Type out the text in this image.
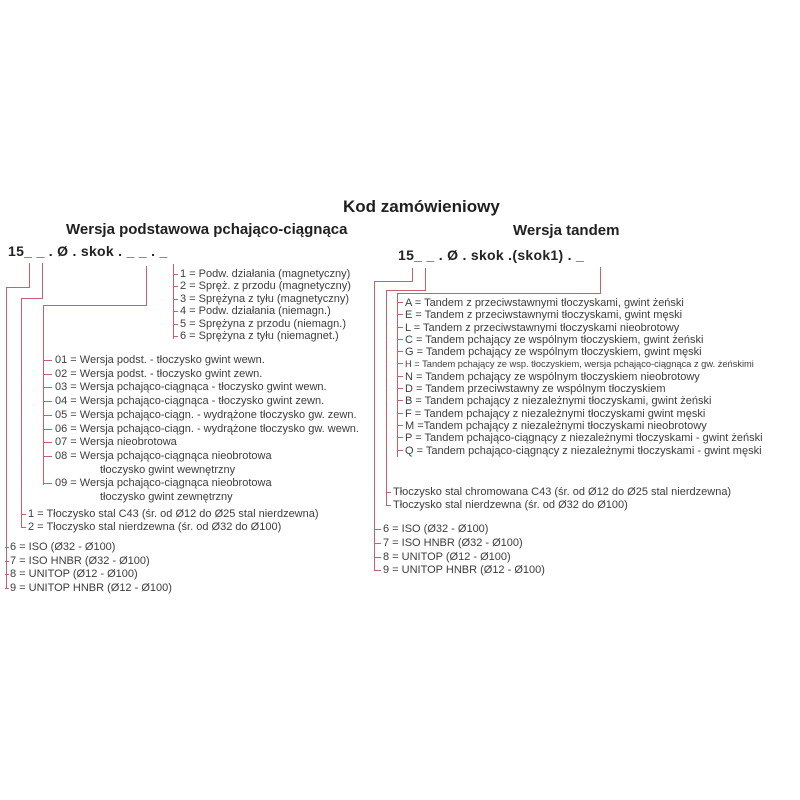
Kod zamówieniowy
Wersja podstawowa pchająco-ciągnąca	Wersja tandem
15_ _ . Ø . skok . _ _ . _	15_ _ . Ø . skok .(skok1) . _
1 = Podw. działania (magnetyczny)
2 = Spręż. z przodu (magnetyczny)
3 = Sprężyna z tyłu (magnetyczny)
4 = Podw. działania (niemagn.)
5 = Sprężyna z przodu (niemagn.)
6 = Sprężyna z tyłu (niemagnet.)
01 = Wersja podst. - tłoczysko gwint wewn.
02 = Wersja podst. - tłoczysko gwint zewn.
03 = Wersja pchająco-ciągnąca - tłoczysko gwint wewn.
04 = Wersja pchająco-ciągnąca - tłoczysko gwint zewn.
05 = Wersja pchająco-ciągn. - wydrążone tłoczysko gw. zewn.
06 = Wersja pchająco-ciągn. - wydrążone tłoczysko gw. wewn.
07 = Wersja nieobrotowa
08 = Wersja pchająco-ciągnąca nieobrotowa
tłoczysko gwint wewnętrzny
09 = Wersja pchająco-ciągnąca nieobrotowa
tłoczysko gwint zewnętrzny
1 = Tłoczysko stal C43 (śr. od Ø12 do Ø25 stal nierdzewna)
2 = Tłoczysko stal nierdzewna (śr. od Ø32 do Ø100)
6 = ISO (Ø32 - Ø100)
7 = ISO HNBR (Ø32 - Ø100)
8 = UNITOP (Ø12 - Ø100)
9 = UNITOP HNBR (Ø12 - Ø100)
A = Tandem z przeciwstawnymi tłoczyskami, gwint żeński
E = Tandem z przeciwstawnymi tłoczyskami, gwint męski
L = Tandem z przeciwstawnymi tłoczyskami nieobrotowy
C = Tandem pchający ze wspólnym tłoczyskiem, gwint żeński
G = Tandem pchający ze wspólnym tłoczyskiem, gwint męski
H = Tandem pchający ze wsp. tłoczyskiem, wersja pchająco-ciągnąca z gw. żeńskimi
N = Tandem pchający ze wspólnym tłoczyskiem nieobrotowy
D = Tandem przeciwstawny ze wspólnym tłoczyskiem
B = Tandem pchający z niezależnymi tłoczyskami, gwint żeński
F = Tandem pchający z niezależnymi tłoczyskami gwint męski
M =Tandem pchający z niezależnymi tłoczyskami nieobrotowy
P = Tandem pchająco-ciągnący z niezależnymi tłoczyskami - gwint żeński
Q = Tandem pchająco-ciągnący z niezależnymi tłoczyskami - gwint męski
Tłoczysko stal chromowana C43 (śr. od Ø12 do Ø25 stal nierdzewna)
Tłoczysko stal nierdzewna (śr. od Ø32 do Ø100)
6 = ISO (Ø32 - Ø100)
7 = ISO HNBR (Ø32 - Ø100)
8 = UNITOP (Ø12 - Ø100)
9 = UNITOP HNBR (Ø12 - Ø100)
